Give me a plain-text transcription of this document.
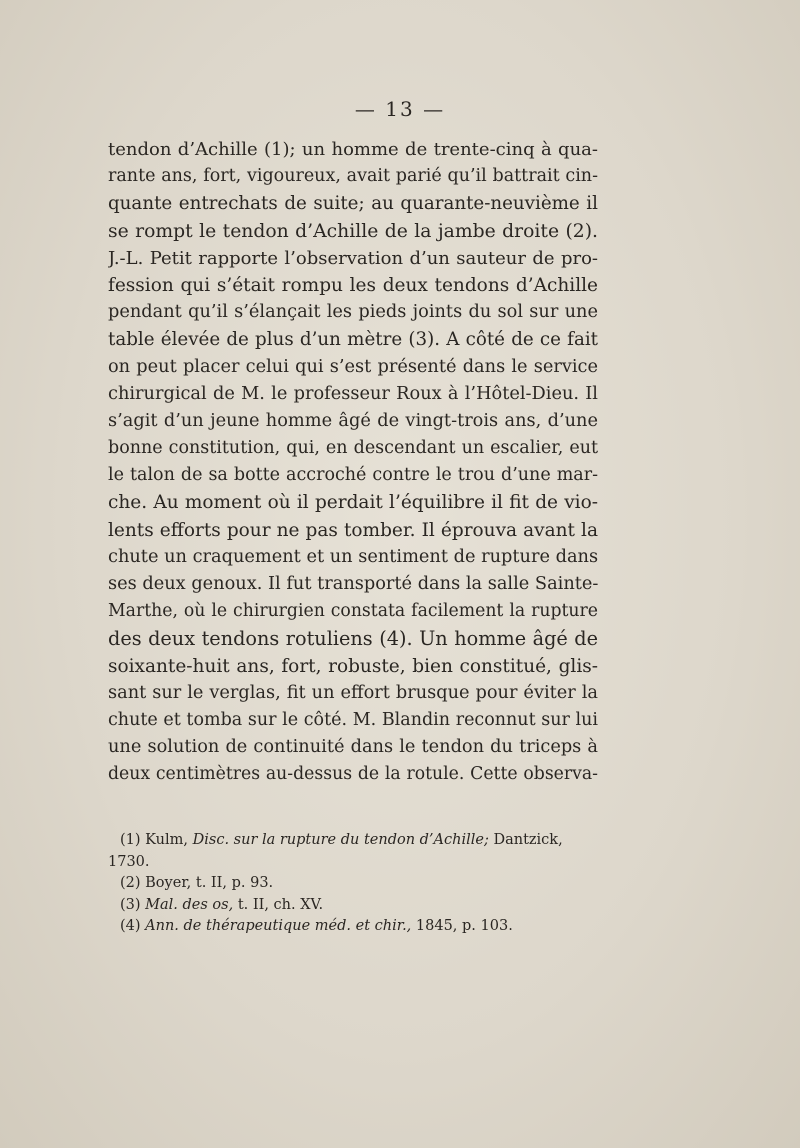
— 13 —
tendon d’Achille (1); un homme de trente-cinq à qua-
rante ans, fort, vigoureux, avait parié qu’il battrait cin-
quante entrechats de suite; au quarante-neuvième il
se rompt le tendon d’Achille de la jambe droite (2).
J.-L. Petit rapporte l’observation d’un sauteur de pro-
fession qui s’était rompu les deux tendons d’Achille
pendant qu’il s’élançait les pieds joints du sol sur une
table élevée de plus d’un mètre (3). A côté de ce fait
on peut placer celui qui s’est présenté dans le service
chirurgical de M. le professeur Roux à l’Hôtel-Dieu. Il
s’agit d’un jeune homme âgé de vingt-trois ans, d’une
bonne constitution, qui, en descendant un escalier, eut
le talon de sa botte accroché contre le trou d’une mar-
che. Au moment où il perdait l’équilibre il fit de vio-
lents efforts pour ne pas tomber. Il éprouva avant la
chute un craquement et un sentiment de rupture dans
ses deux genoux. Il fut transporté dans la salle Sainte-
Marthe, où le chirurgien constata facilement la rupture
des deux tendons rotuliens (4). Un homme âgé de
soixante-huit ans, fort, robuste, bien constitué, glis-
sant sur le verglas, fit un effort brusque pour éviter la
chute et tomba sur le côté. M. Blandin reconnut sur lui
une solution de continuité dans le tendon du triceps à
deux centimètres au-dessus de la rotule. Cette observa-
(1) Kulm, Disc. sur la rupture du tendon d’Achille; Dantzick,
1730.
(2) Boyer, t. II, p. 93.
(3) Mal. des os, t. II, ch. XV.
(4) Ann. de thérapeutique méd. et chir., 1845, p. 103.
